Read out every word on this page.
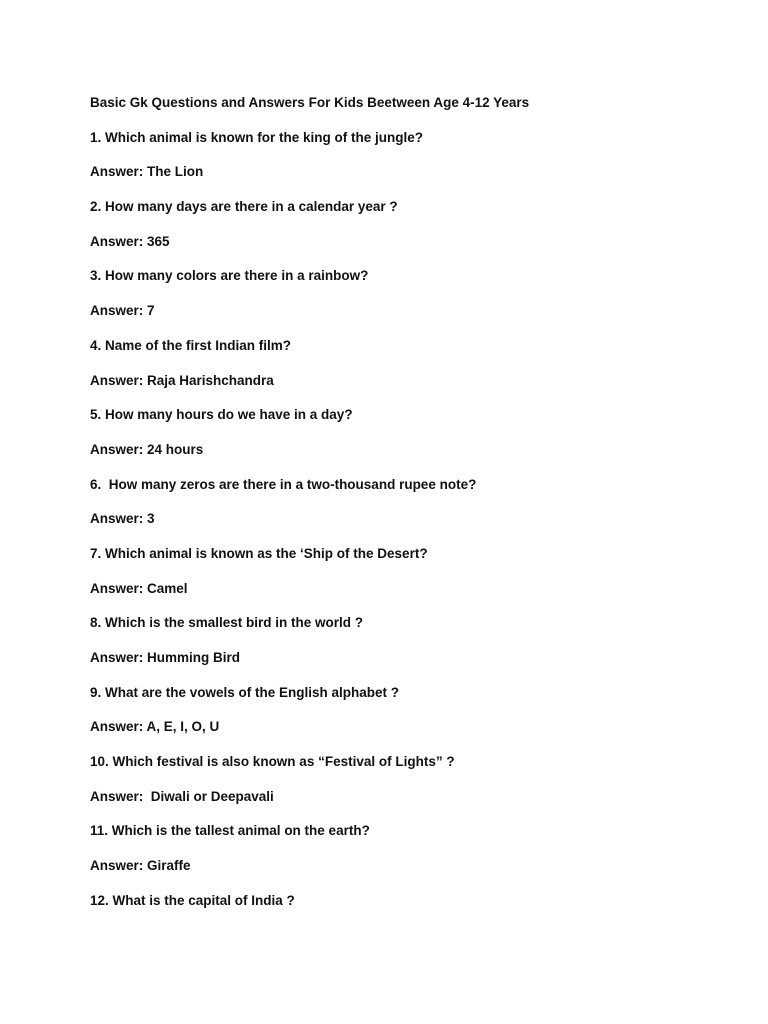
Basic Gk Questions and Answers For Kids Beetween Age 4-12 Years
1. Which animal is known for the king of the jungle?
Answer: The Lion
2. How many days are there in a calendar year ?
Answer: 365
3. How many colors are there in a rainbow?
Answer: 7
4. Name of the first Indian film?
Answer: Raja Harishchandra
5. How many hours do we have in a day?
Answer: 24 hours
6.  How many zeros are there in a two-thousand rupee note?
Answer: 3
7. Which animal is known as the ‘Ship of the Desert?
Answer: Camel
8. Which is the smallest bird in the world ?
Answer: Humming Bird
9. What are the vowels of the English alphabet ?
Answer: A, E, I, O, U
10. Which festival is also known as “Festival of Lights” ?
Answer:  Diwali or Deepavali
11. Which is the tallest animal on the earth?
Answer: Giraffe
12. What is the capital of India ?
